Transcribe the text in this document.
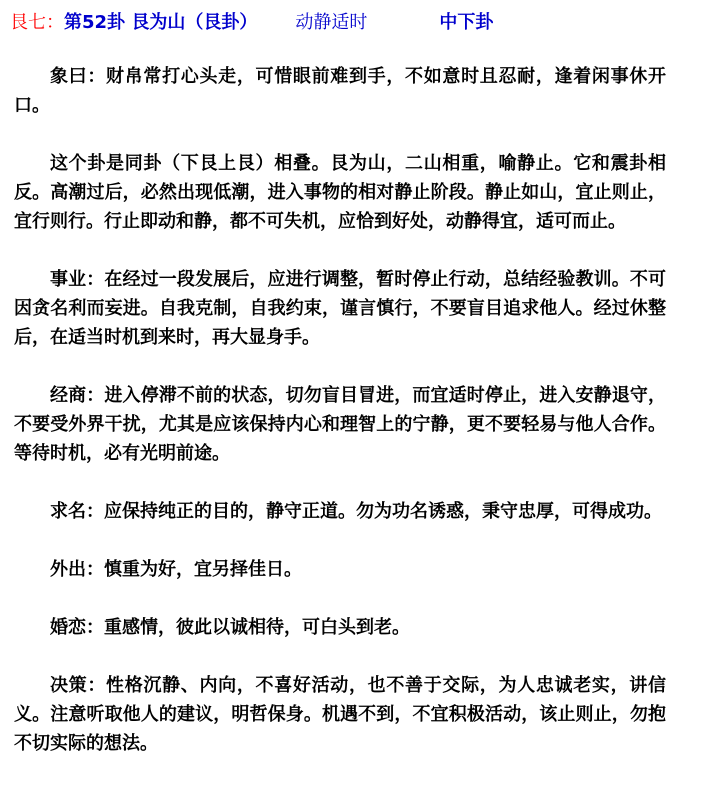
艮七：第52卦 艮为山（艮卦） 动静适时	中下卦

象曰：财帛常打心头走，可惜眼前难到手，不如意时且忍耐，逢着闲事休开口。

这个卦是同卦（下艮上艮）相叠。艮为山，二山相重，喻静止。它和震卦相反。高潮过后，必然出现低潮，进入事物的相对静止阶段。静止如山，宜止则止，宜行则行。行止即动和静，都不可失机，应恰到好处，动静得宜，适可而止。

事业：在经过一段发展后，应进行调整，暂时停止行动，总结经验教训。不可因贪名利而妄进。自我克制，自我约束，谨言慎行，不要盲目追求他人。经过休整后，在适当时机到来时，再大显身手。

经商：进入停滞不前的状态，切勿盲目冒进，而宜适时停止，进入安静退守，不要受外界干扰，尤其是应该保持内心和理智上的宁静，更不要轻易与他人合作。等待时机，必有光明前途。

求名：应保持纯正的目的，静守正道。勿为功名诱惑，秉守忠厚，可得成功。

外出：慎重为好，宜另择佳日。

婚恋：重感情，彼此以诚相待，可白头到老。

决策：性格沉静、内向，不喜好活动，也不善于交际，为人忠诚老实，讲信义。注意听取他人的建议，明哲保身。机遇不到，不宜积极活动，该止则止，勿抱不切实际的想法。
